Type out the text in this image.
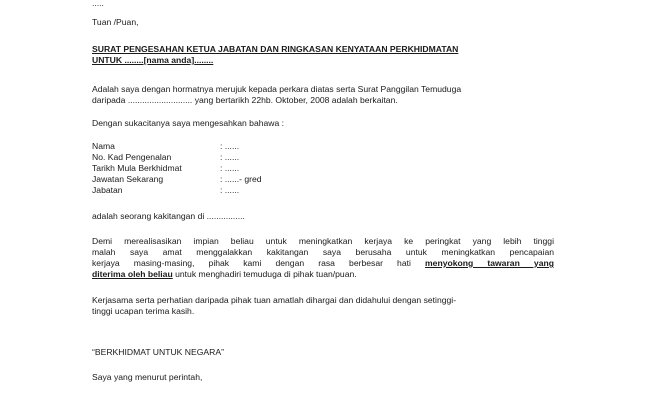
.....
Tuan /Puan,
SURAT PENGESAHAN KETUA JABATAN DAN RINGKASAN KENYATAAN PERKHIDMATAN
UNTUK ........[nama anda]........
Adalah saya dengan hormatnya merujuk kepada perkara diatas serta Surat Panggilan Temuduga
daripada ........................... yang bertarikh 22hb. Oktober, 2008 adalah berkaitan.
Dengan sukacitanya saya mengesahkan bahawa :
Nama	: ......
No. Kad Pengenalan	: ......
Tarikh Mula Berkhidmat	: ......
Jawatan Sekarang	: ......- gred
Jabatan	: ......
adalah seorang kakitangan di ................
Demi merealisasikan impian beliau untuk meningkatkan kerjaya ke peringkat yang lebih tinggi
malah saya amat menggalakkan kakitangan saya berusaha untuk meningkatkan pencapaian
kerjaya masing-masing, pihak kami dengan rasa berbesar hati menyokong tawaran yang
diterima oleh beliau untuk menghadiri temuduga di pihak tuan/puan.
Kerjasama serta perhatian daripada pihak tuan amatlah dihargai dan didahului dengan setinggi-
tinggi ucapan terima kasih.
“BERKHIDMAT UNTUK NEGARA”
Saya yang menurut perintah,
